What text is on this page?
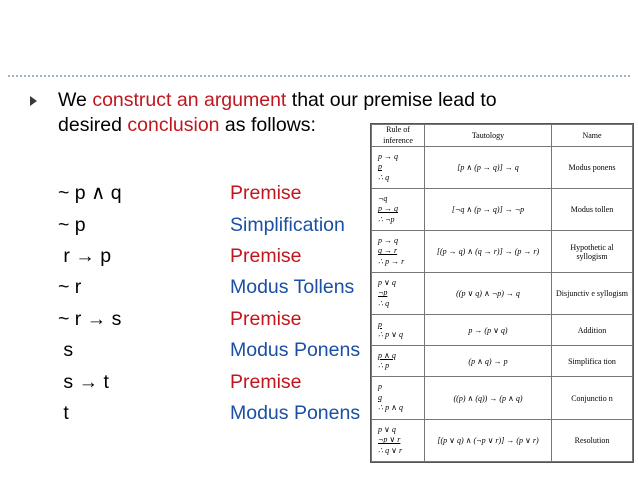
We construct an argument that our premise lead to desired conclusion as follows:
~ p ∧ q	Premise
~ p	Simplification
r → p	Premise
~ r	Modus Tollens
~ r → s	Premise
s	Modus Ponens
s → t	Premise
t	Modus Ponens
Rule of inference	Tautology	Name

p → q
p
∴ q	[p ∧ (p → q)] → q	Modus ponens

¬q
p → q
∴ ¬p	[¬q ∧ (p → q)] → ¬p	Modus tollen

p → q
q → r
∴ p → r	[(p → q) ∧ (q → r)] → (p → r)	Hypothetic al syllogism

p ∨ q
¬p
∴ q	((p ∨ q) ∧ ¬p) → q	Disjunctiv e syllogism

p
∴ p ∨ q	p → (p ∨ q)	Addition

p ∧ q
∴ p	(p ∧ q) → p	Simplifica tion

p
q
∴ p ∧ q	((p) ∧ (q)) → (p ∧ q)	Conjunctio n

p ∨ q
¬p ∨ r
∴ q ∨ r	[(p ∨ q) ∧ (¬p ∨ r)] → (p ∨ r)	Resolution
